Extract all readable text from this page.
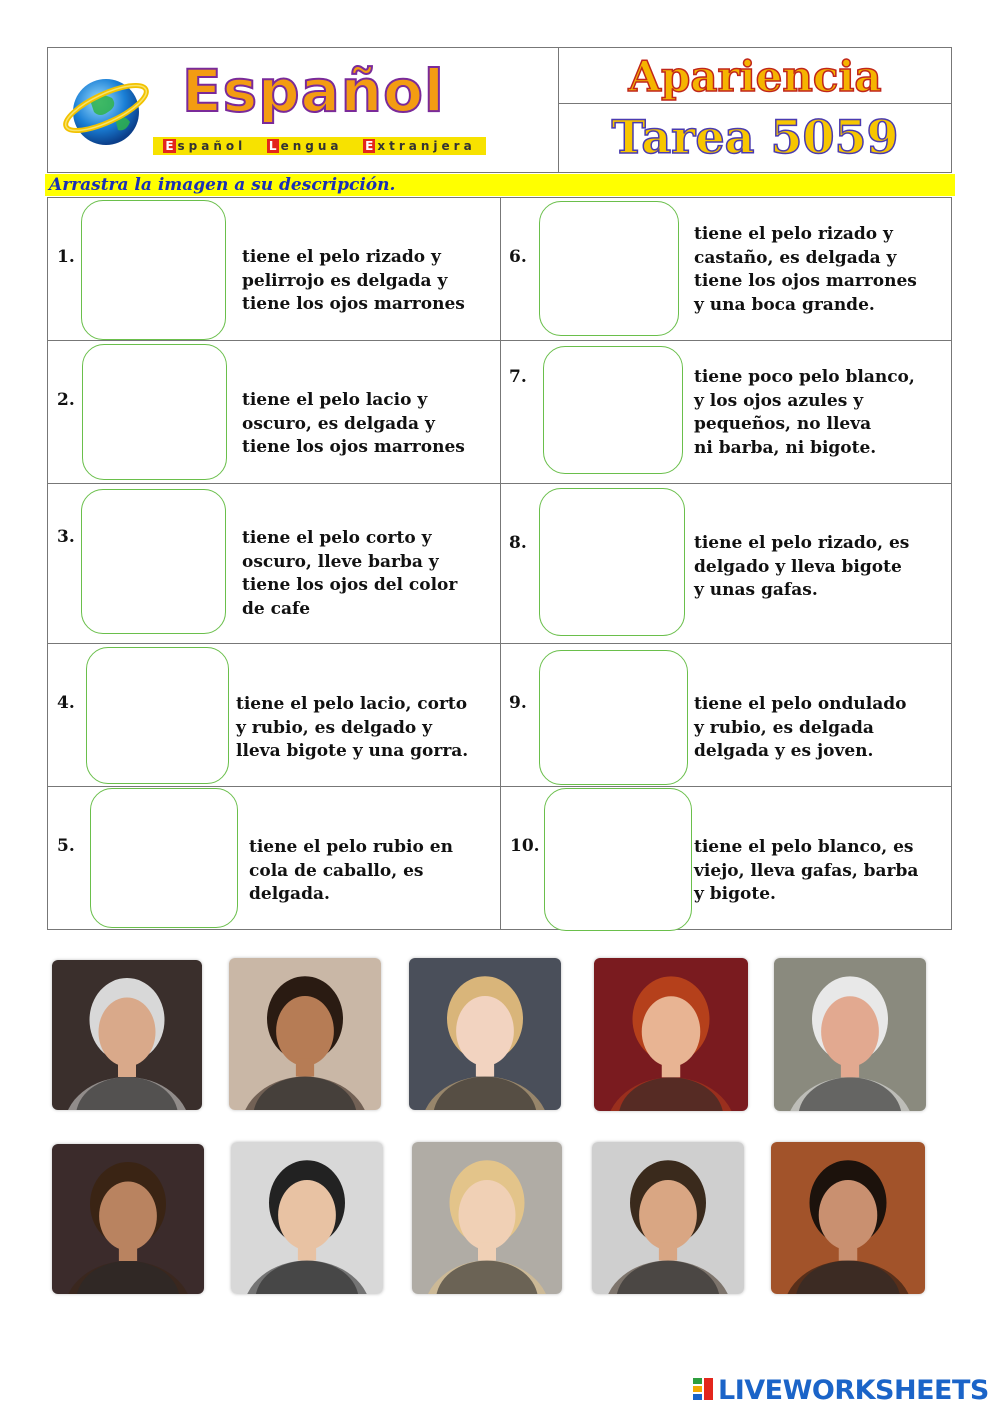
Español
E spañol L engua E xtranjera
Apariencia
Tarea 5059
Arrastra la imagen a su descripción.
1.	tiene el pelo rizado y
pelirrojo es delgada y
tiene los ojos marrones
2.	tiene el pelo lacio y
oscuro, es delgada y
tiene los ojos marrones
3.	tiene el pelo corto y
oscuro, lleve barba y
tiene los ojos del color
de cafe
4.	tiene el pelo lacio, corto
y rubio, es delgado y
lleva bigote y una gorra.
5.	tiene el pelo rubio en
cola de caballo, es
delgada.
6.
tiene el pelo rizado y
castaño, es delgada y
tiene los ojos marrones
y una boca grande.
7.	tiene poco pelo blanco,
y los ojos azules y
pequeños, no lleva
ni barba, ni bigote.
8.	tiene el pelo rizado, es
delgado y lleva bigote
y unas gafas.
9.	tiene el pelo ondulado
y rubio, es delgada
delgada y es joven.
10.	tiene el pelo blanco, es
viejo, lleva gafas, barba
y bigote.
LIVEWORKSHEETS
